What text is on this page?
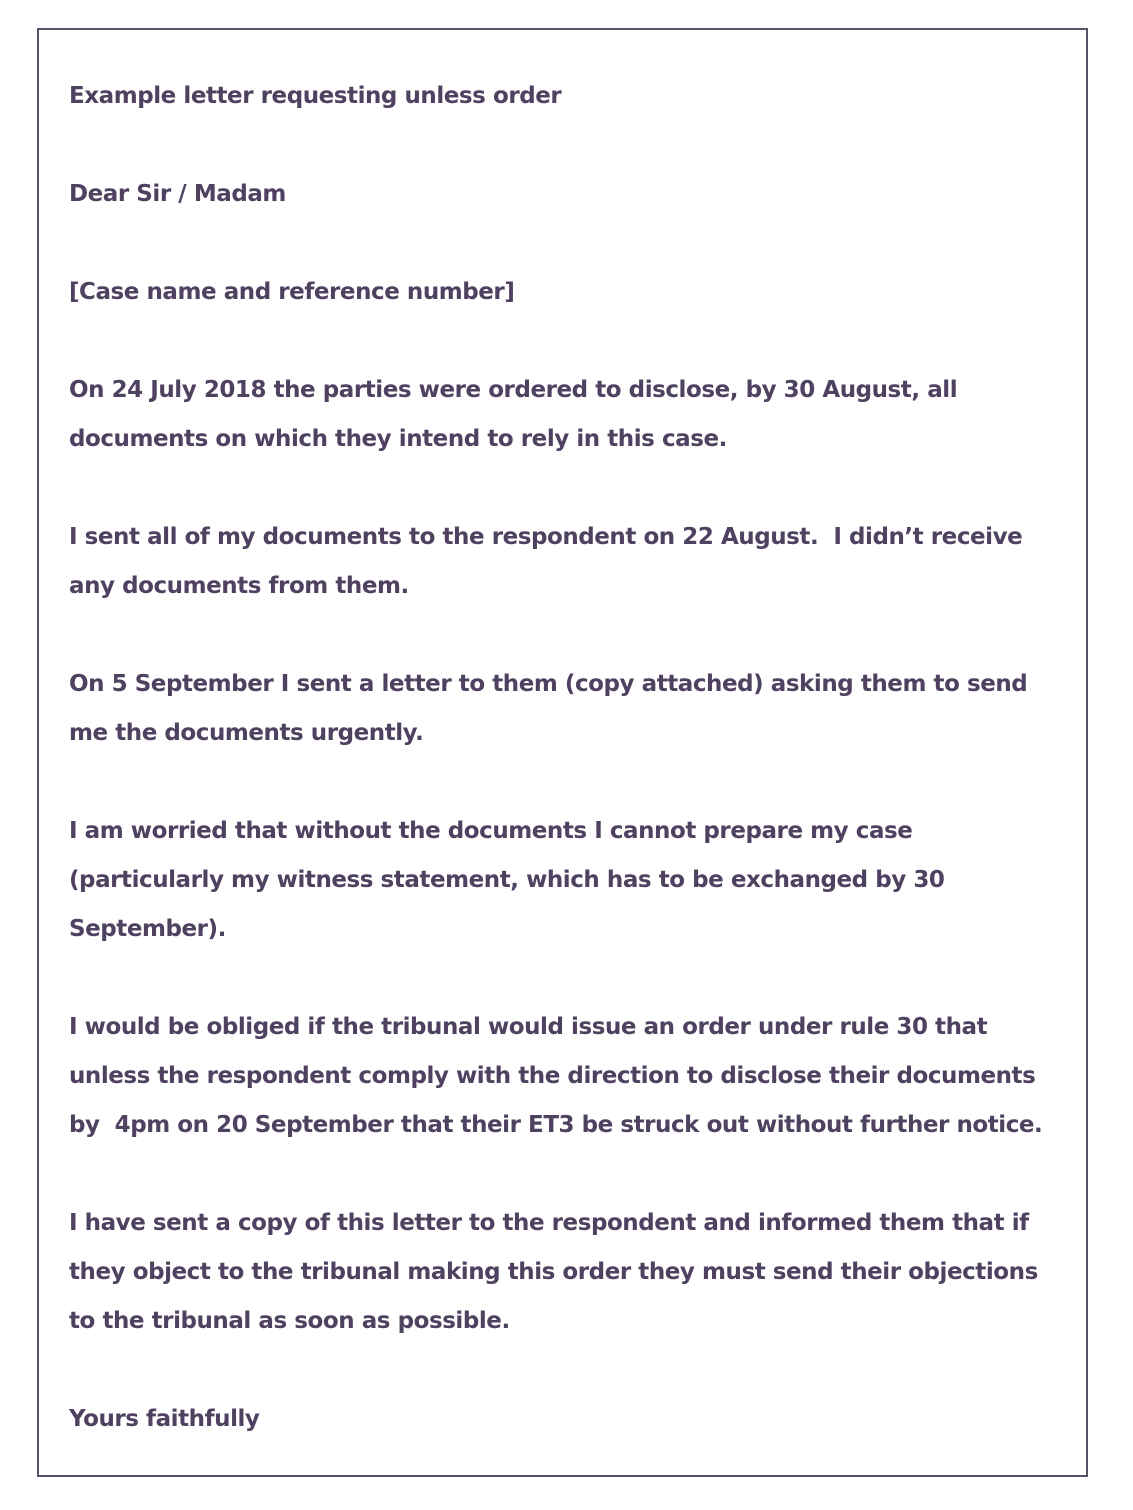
Example letter requesting unless order

Dear Sir / Madam

[Case name and reference number]

On 24 July 2018 the parties were ordered to disclose, by 30 August, all documents on which they intend to rely in this case.

I sent all of my documents to the respondent on 22 August.  I didn’t receive any documents from them.

On 5 September I sent a letter to them (copy attached) asking them to send me the documents urgently.

I am worried that without the documents I cannot prepare my case (particularly my witness statement, which has to be exchanged by 30 September).

I would be obliged if the tribunal would issue an order under rule 30 that unless the respondent comply with the direction to disclose their documents by  4pm on 20 September that their ET3 be struck out without further notice.

I have sent a copy of this letter to the respondent and informed them that if they object to the tribunal making this order they must send their objections to the tribunal as soon as possible.

Yours faithfully
